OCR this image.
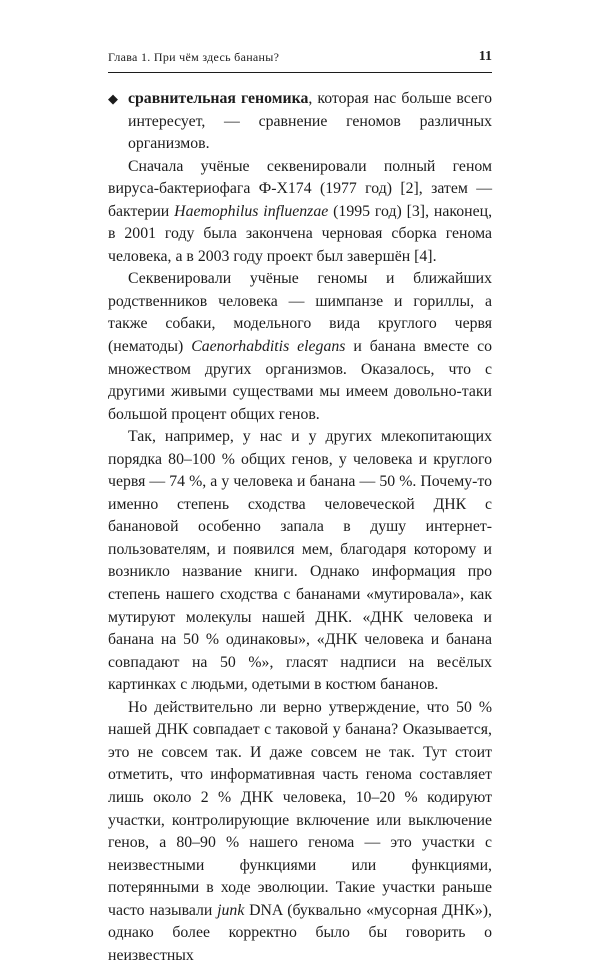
Глава 1. При чём здесь бананы?	11

◆ сравнительная геномика, которая нас больше всего интересует, — сравнение геномов различных организмов.

Сначала учёные секвенировали полный геном вируса-бактериофага Ф-X174 (1977 год) [2], затем — бактерии Haemophilus influenzae (1995 год) [3], наконец, в 2001 году была закончена черновая сборка генома человека, а в 2003 году проект был завершён [4].

Секвенировали учёные геномы и ближайших родственников человека — шимпанзе и гориллы, а также собаки, модельного вида круглого червя (нематоды) Caenorhabditis elegans и банана вместе со множеством других организмов. Оказалось, что с другими живыми существами мы имеем довольно-таки большой процент общих генов.

Так, например, у нас и у других млекопитающих порядка 80–100 % общих генов, у человека и круглого червя — 74 %, а у человека и банана — 50 %. Почему-то именно степень сходства человеческой ДНК с банановой особенно запала в душу интернет-пользователям, и появился мем, благодаря которому и возникло название книги. Однако информация про степень нашего сходства с бананами «мутировала», как мутируют молекулы нашей ДНК. «ДНК человека и банана на 50 % одинаковы», «ДНК человека и банана совпадают на 50 %», гласят надписи на весёлых картинках с людьми, одетыми в костюм бананов.

Но действительно ли верно утверждение, что 50 % нашей ДНК совпадает с таковой у банана? Оказывается, это не совсем так. И даже совсем не так. Тут стоит отметить, что информативная часть генома составляет лишь около 2 % ДНК человека, 10–20 % кодируют участки, контролирующие включение или выключение генов, а 80–90 % нашего генома — это участки с неизвестными функциями или функциями, потерянными в ходе эволюции. Такие участки раньше часто называли junk DNA (буквально «мусорная ДНК»), однако более корректно было бы говорить о неизвестных
